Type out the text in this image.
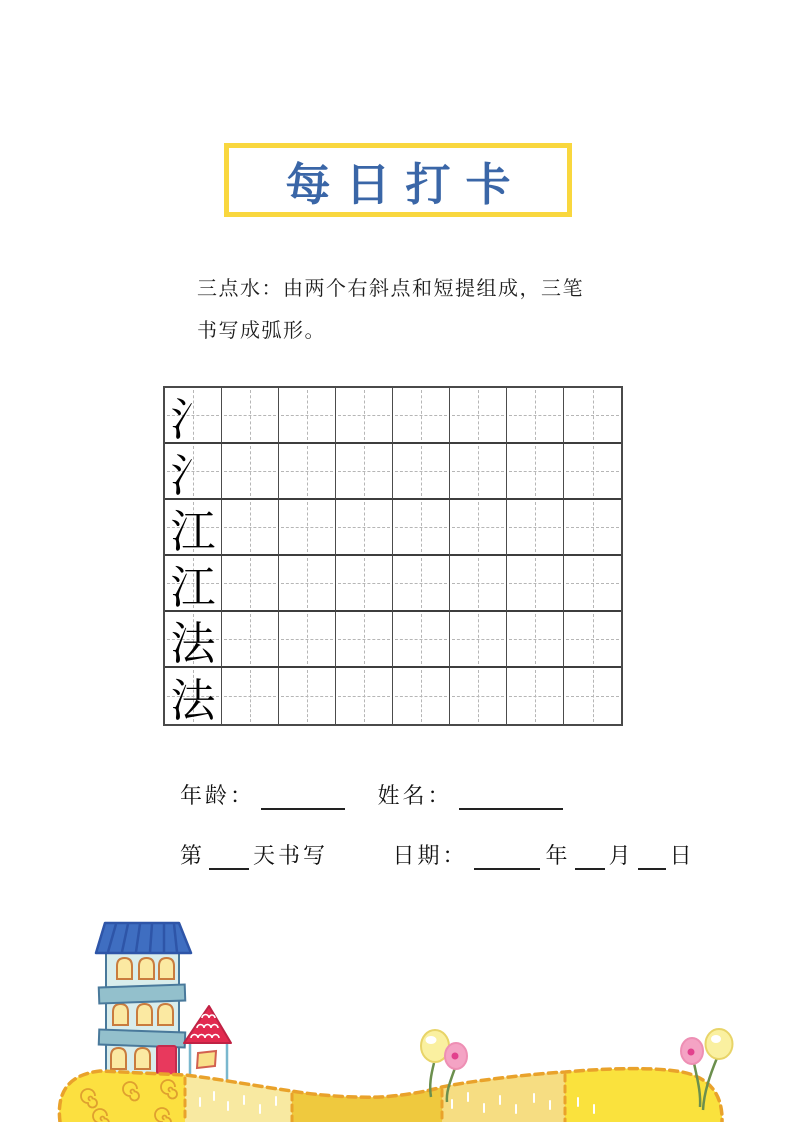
每日打卡
三点水：由两个右斜点和短提组成，三笔
书写成弧形。
氵
氵
江
江
法
法
年龄：	姓名：
第 天书写	日期：	年 月 日
